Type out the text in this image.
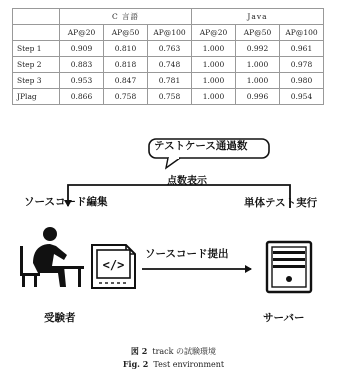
	C 言語			Java		
	AP@20	AP@50	AP@100	AP@20	AP@50	AP@100
Step 1	0.909	0.810	0.763	1.000	0.992	0.961
Step 2	0.883	0.818	0.748	1.000	1.000	0.978
Step 3	0.953	0.847	0.781	1.000	1.000	0.980
JPlag	0.866	0.758	0.758	1.000	0.996	0.954
</>
テストケース通過数
点数表示
ソースコード編集	単体テスト実行
ソースコード提出
受験者	サーバー
図 2 track の試験環境
Fig. 2 Test environment
